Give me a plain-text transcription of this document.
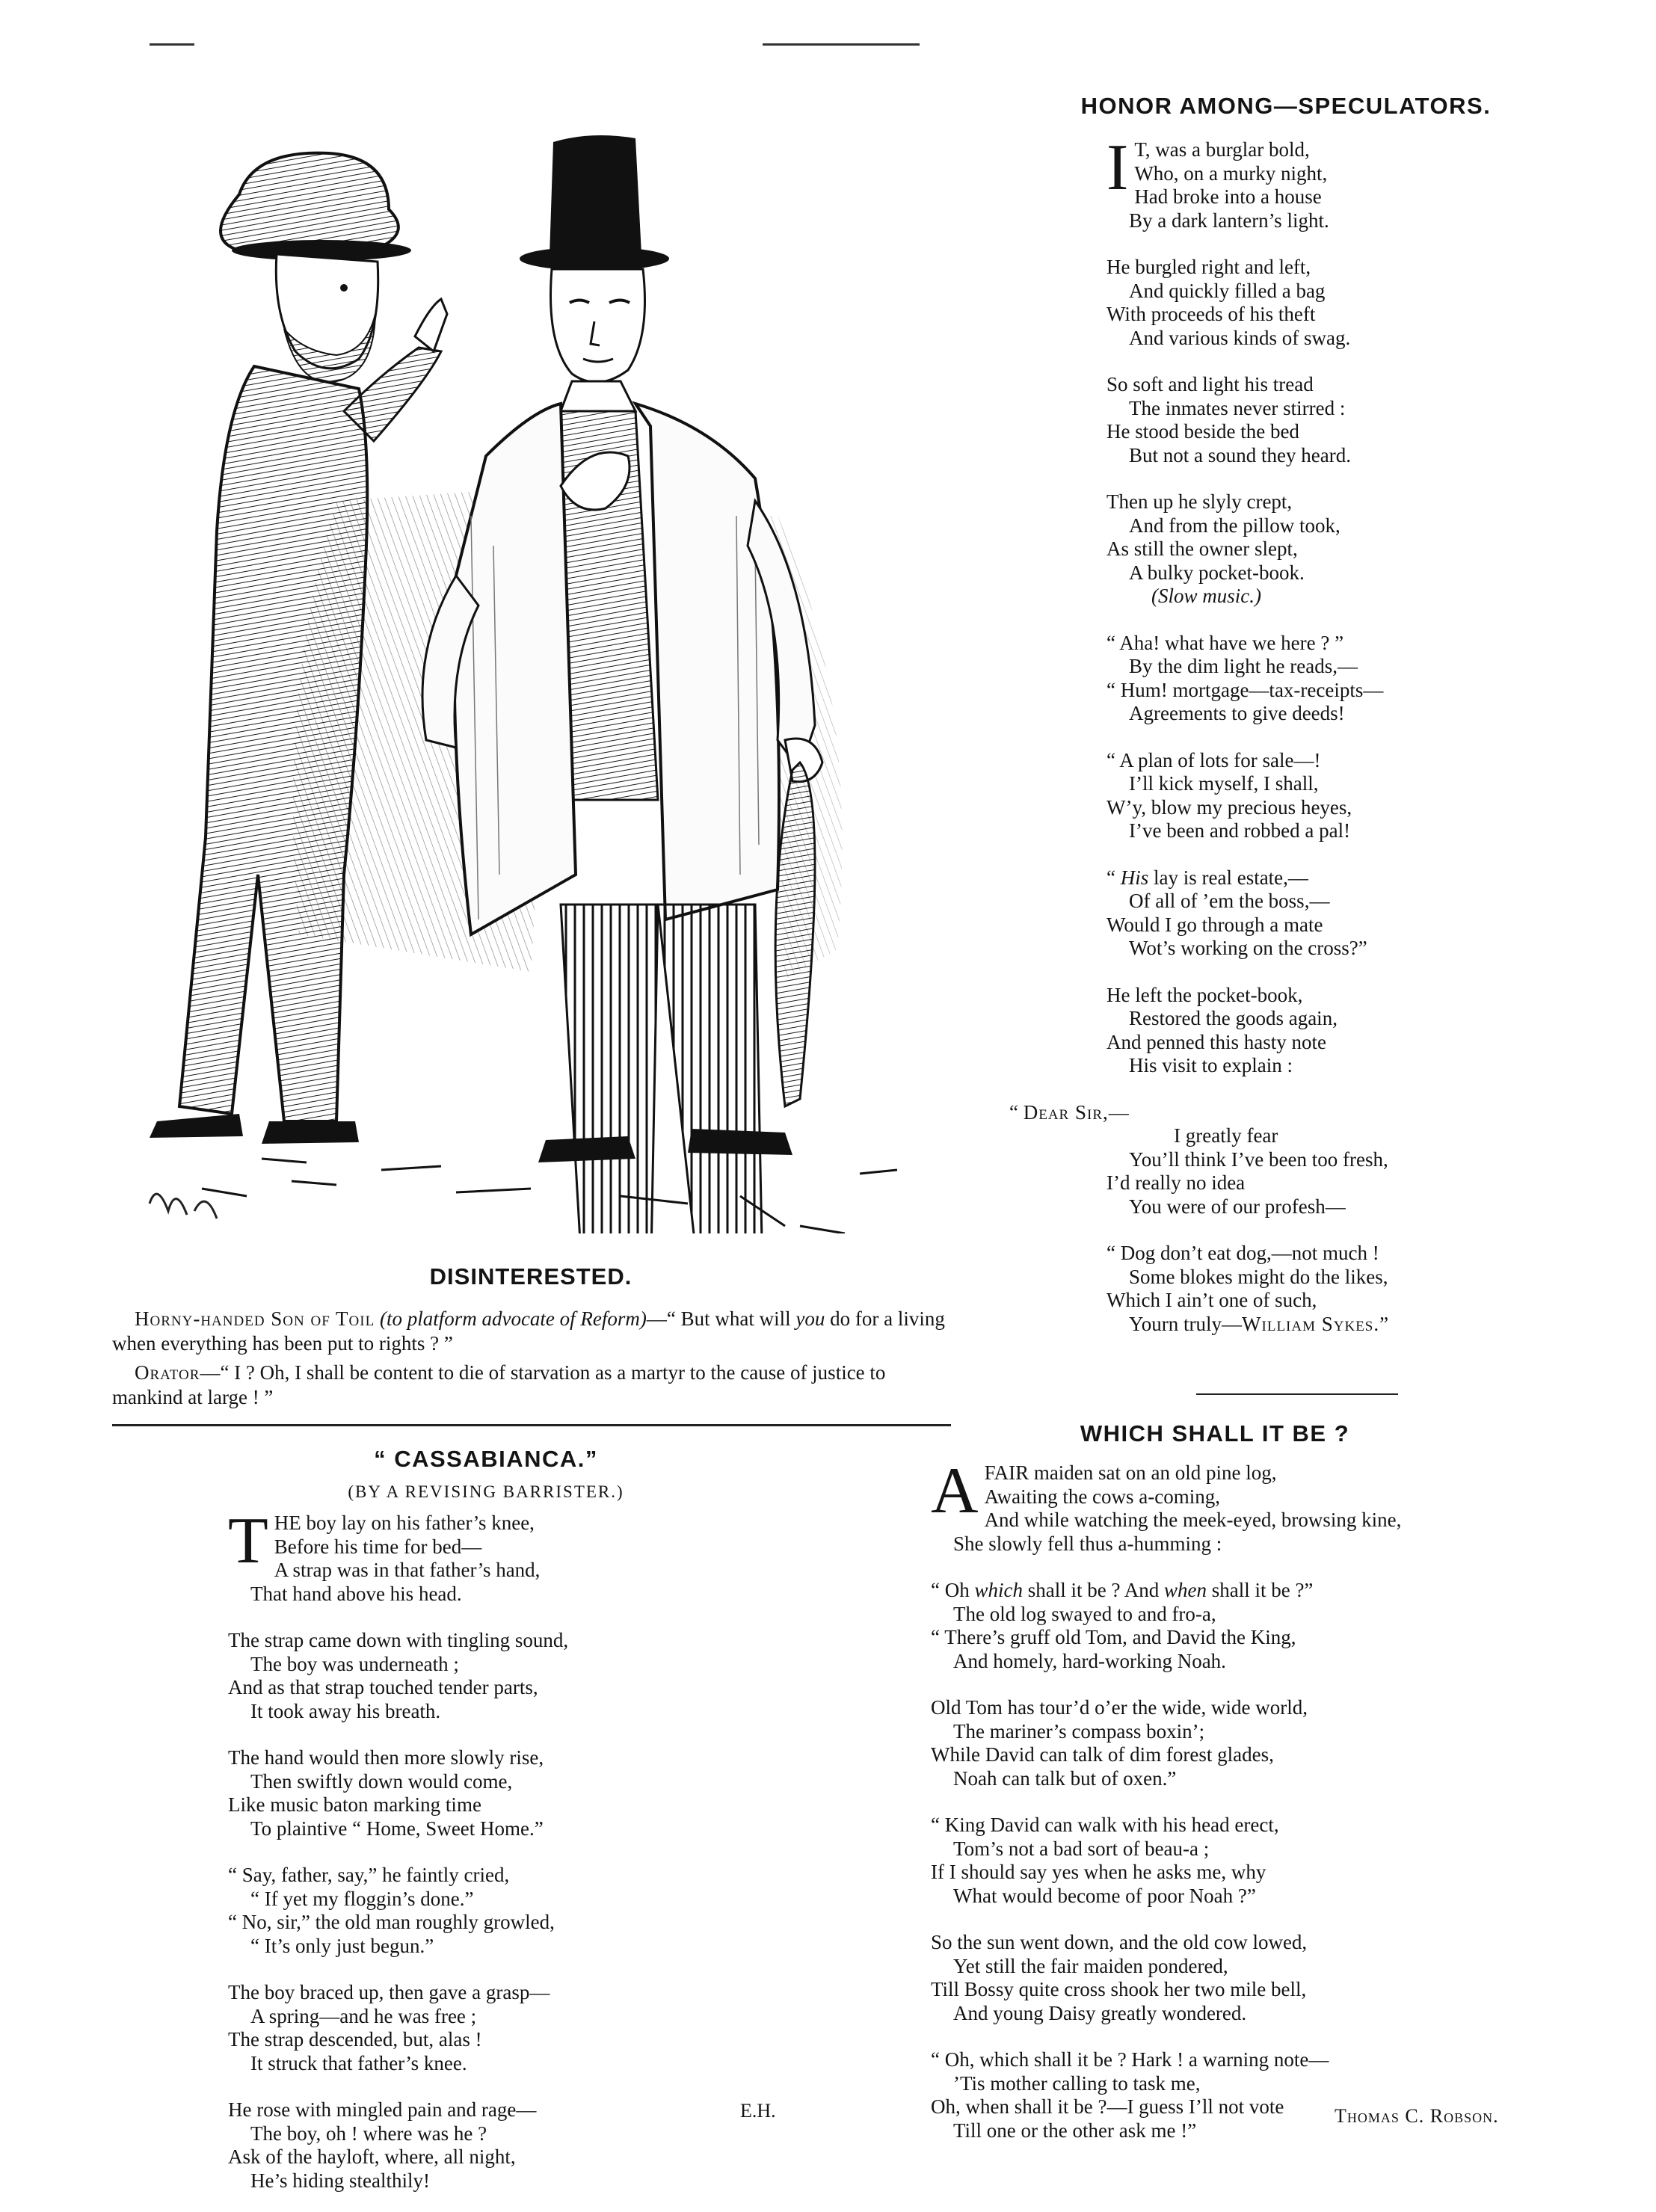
DISINTERESTED.
Horny-handed Son of Toil (to platform advocate of Reform)—“ But what will you do for a living when everything has been put to rights ? ”
Orator—“ I ? Oh, I shall be content to die of starvation as a martyr to the cause of justice to mankind at large ! ”
HONOR AMONG—SPECULATORS.
I T, was a burglar bold,
Who, on a murky night,
Had broke into a house
By a dark lantern’s light.
He burgled right and left,
And quickly filled a bag
With proceeds of his theft
And various kinds of swag.
So soft and light his tread
The inmates never stirred :
He stood beside the bed
But not a sound they heard.
Then up he slyly crept,
And from the pillow took,
As still the owner slept,
A bulky pocket-book.
(Slow music.)
“ Aha! what have we here ? ”
By the dim light he reads,—
“ Hum! mortgage—tax-receipts—
Agreements to give deeds!
“ A plan of lots for sale—!
I’ll kick myself, I shall,
W’y, blow my precious heyes,
I’ve been and robbed a pal!
“ His lay is real estate,—
Of all of ’em the boss,—
Would I go through a mate
Wot’s working on the cross?”
He left the pocket-book,
Restored the goods again,
And penned this hasty note
His visit to explain :
“ Dear Sir,—
I greatly fear
You’ll think I’ve been too fresh,
I’d really no idea
You were of our profesh—
“ Dog don’t eat dog,—not much !
Some blokes might do the likes,
Which I ain’t one of such,
Yourn truly—William Sykes.”
“ CASSABIANCA.”
(BY A REVISING BARRISTER.)
T HE boy lay on his father’s knee,
Before his time for bed—
A strap was in that father’s hand,
That hand above his head.
The strap came down with tingling sound,
The boy was underneath ;
And as that strap touched tender parts,
It took away his breath.
The hand would then more slowly rise,
Then swiftly down would come,
Like music baton marking time
To plaintive “ Home, Sweet Home.”
“ Say, father, say,” he faintly cried,
“ If yet my floggin’s done.”
“ No, sir,” the old man roughly growled,
“ It’s only just begun.”
The boy braced up, then gave a grasp—
A spring—and he was free ;
The strap descended, but, alas !
It struck that father’s knee.
He rose with mingled pain and rage—
The boy, oh ! where was he ?
Ask of the hayloft, where, all night,
He’s hiding stealthily!
E.H.
WHICH SHALL IT BE ?
A FAIR maiden sat on an old pine log,
Awaiting the cows a-coming,
And while watching the meek-eyed, browsing kine,
She slowly fell thus a-humming :
“ Oh which shall it be ? And when shall it be ?”
The old log swayed to and fro-a,
“ There’s gruff old Tom, and David the King,
And homely, hard-working Noah.
Old Tom has tour’d o’er the wide, wide world,
The mariner’s compass boxin’;
While David can talk of dim forest glades,
Noah can talk but of oxen.”
“ King David can walk with his head erect,
Tom’s not a bad sort of beau-a ;
If I should say yes when he asks me, why
What would become of poor Noah ?”
So the sun went down, and the old cow lowed,
Yet still the fair maiden pondered,
Till Bossy quite cross shook her two mile bell,
And young Daisy greatly wondered.
“ Oh, which shall it be ? Hark ! a warning note—
’Tis mother calling to task me,
Oh, when shall it be ?—I guess I’ll not vote
Till one or the other ask me !”
Thomas C. Robson.
